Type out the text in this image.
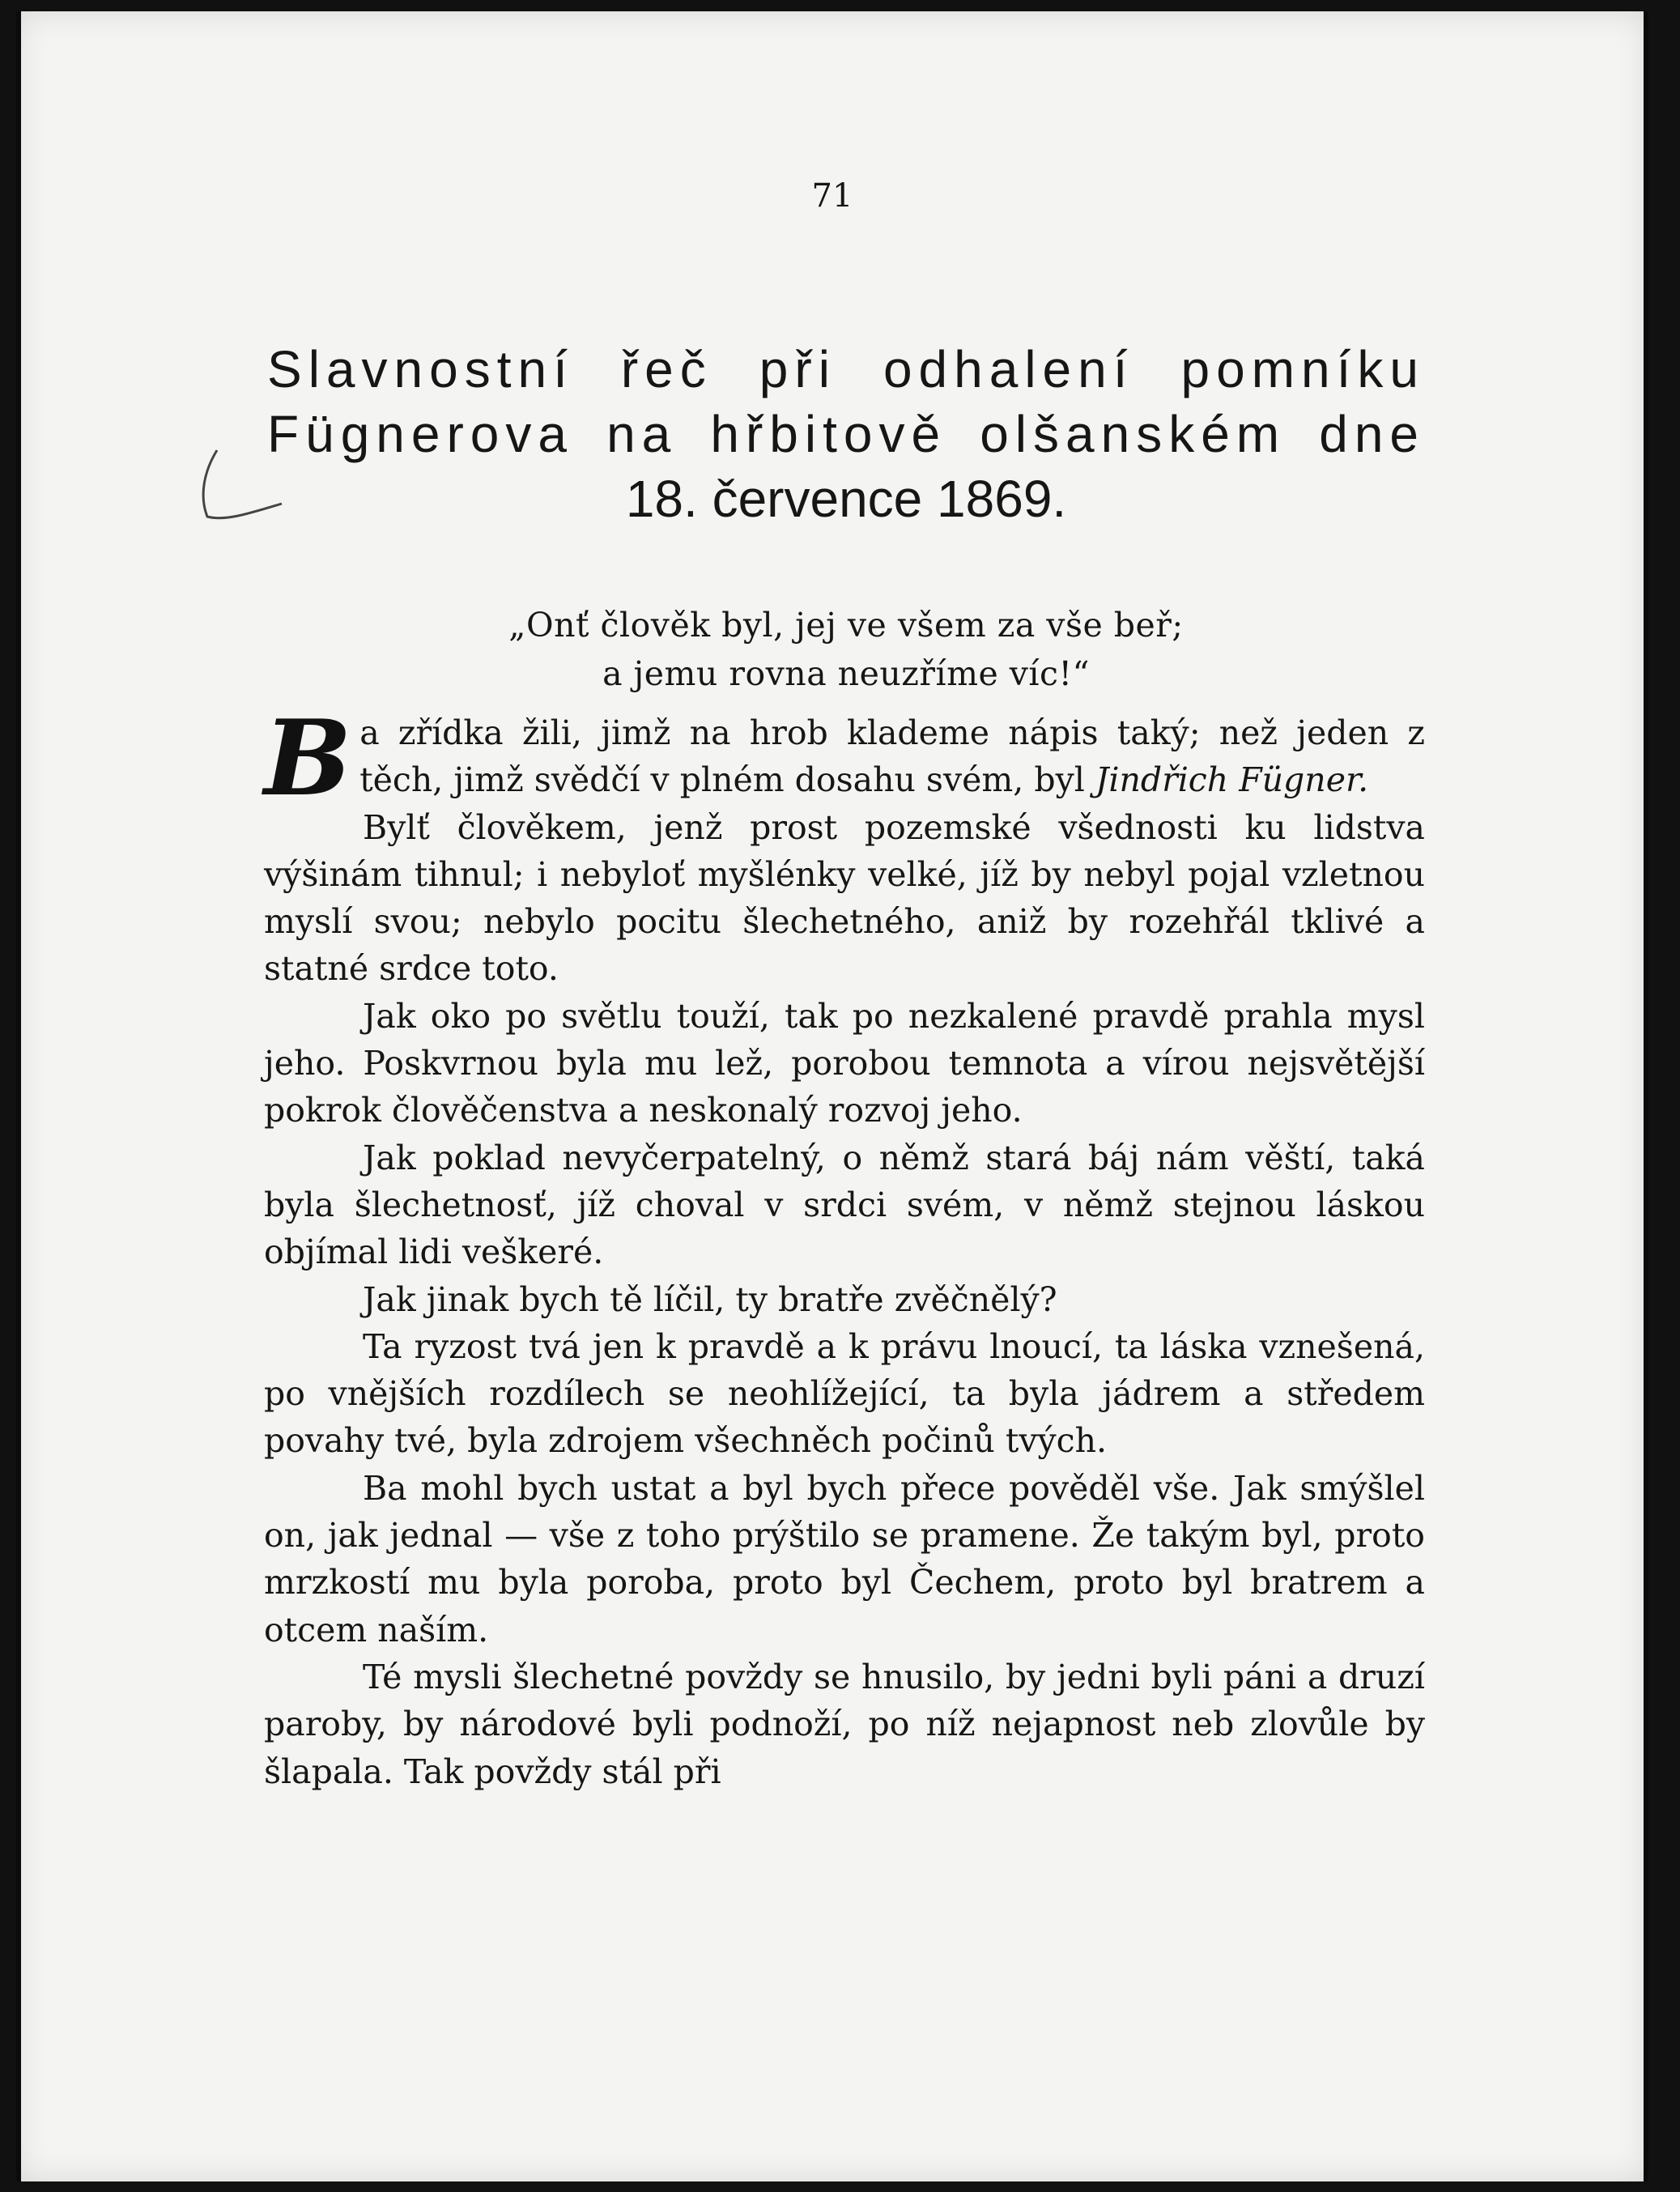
71
Slavnostní řeč při odhalení pomníku
Fügnerova na hřbitově olšanském dne
18. července 1869.
„Onť člověk byl, jej ve všem za vše beř;
a jemu rovna neuzříme víc!“

Ba zřídka žili, jimž na hrob klademe nápis taký; než jeden z těch, jimž svědčí v plném dosahu svém, byl Jindřich Fügner.

Bylť člověkem, jenž prost pozemské všednosti ku lidstva výšinám tihnul; i nebyloť myšlénky velké, jíž by nebyl pojal vzletnou myslí svou; nebylo pocitu šlechetného, aniž by rozehřál tklivé a statné srdce toto.

Jak oko po světlu touží, tak po nezkalené pravdě prahla mysl jeho. Poskvrnou byla mu lež, porobou temnota a vírou nejsvětější pokrok člověčenstva a neskonalý rozvoj jeho.

Jak poklad nevyčerpatelný, o němž stará báj nám věští, taká byla šlechetnosť, jíž choval v srdci svém, v němž stejnou láskou objímal lidi veškeré.

Jak jinak bych tě líčil, ty bratře zvěčnělý?

Ta ryzost tvá jen k pravdě a k právu lnoucí, ta láska vznešená, po vnějších rozdílech se neohlížející, ta byla jádrem a středem povahy tvé, byla zdrojem všechněch počinů tvých.

Ba mohl bych ustat a byl bych přece pověděl vše. Jak smýšlel on, jak jednal — vše z toho prýštilo se pramene. Že takým byl, proto mrzkostí mu byla poroba, proto byl Čechem, proto byl bratrem a otcem naším.

Té mysli šlechetné povždy se hnusilo, by jedni byli páni a druzí paroby, by národové byli podnoží, po níž nejapnost neb zlovůle by šlapala. Tak povždy stál při
